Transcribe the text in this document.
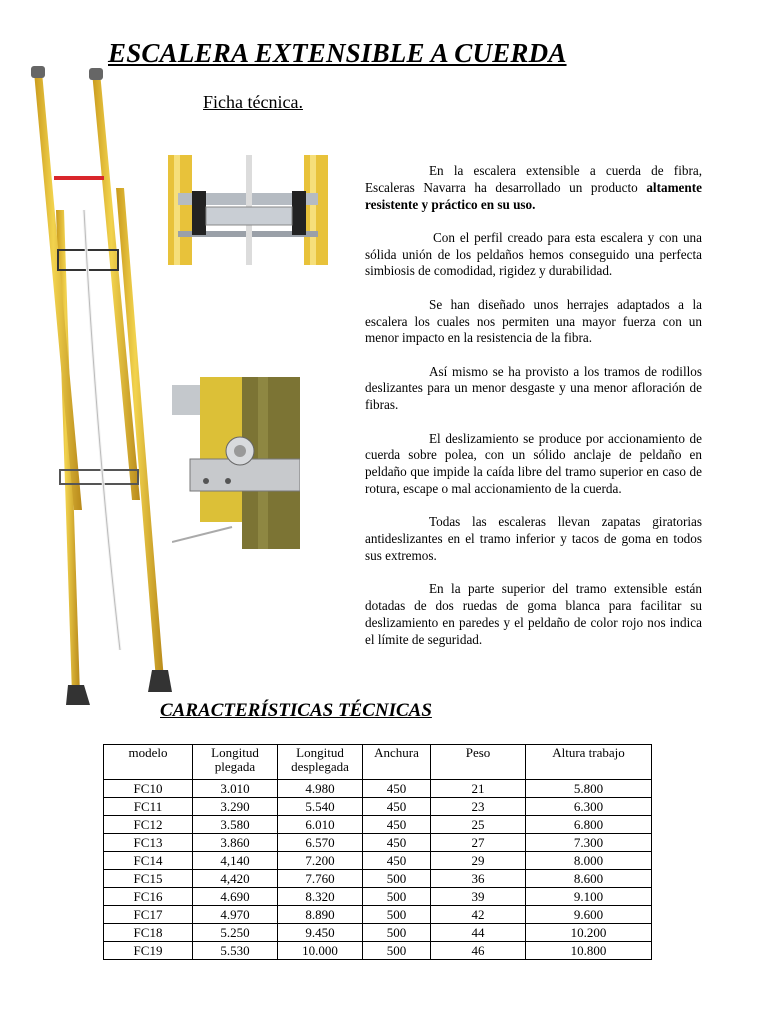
ESCALERA EXTENSIBLE A CUERDA
Ficha técnica.

En la escalera extensible a cuerda de fibra, Escaleras Navarra ha desarrollado un producto altamente resistente y práctico en su uso.

Con el perfil creado para esta escalera y con una sólida unión de los peldaños hemos conseguido una perfecta simbiosis de comodidad, rigidez y durabilidad.

Se han diseñado unos herrajes adaptados a la escalera los cuales nos permiten una mayor fuerza con un menor impacto en la resistencia de la fibra.

Así mismo se ha provisto a los tramos de rodillos deslizantes para un menor desgaste y una menor afloración de fibras.

El deslizamiento se produce por accionamiento de cuerda sobre polea, con un sólido anclaje de peldaño en peldaño que impide la caída libre del tramo superior en caso de rotura, escape o mal accionamiento de la cuerda.

Todas las escaleras llevan zapatas giratorias antideslizantes en el tramo inferior y tacos de goma en todos sus extremos.

En la parte superior del tramo extensible están dotadas de dos ruedas de goma blanca para facilitar su deslizamiento en paredes y el peldaño de color rojo nos indica el límite de seguridad.

CARACTERÍSTICAS TÉCNICAS
modelo	Longitud plegada	Longitud desplegada	Anchura	Peso	Altura trabajo
FC10	3.010	4.980	450	21	5.800
FC11	3.290	5.540	450	23	6.300
FC12	3.580	6.010	450	25	6.800
FC13	3.860	6.570	450	27	7.300
FC14	4,140	7.200	450	29	8.000
FC15	4,420	7.760	500	36	8.600
FC16	4.690	8.320	500	39	9.100
FC17	4.970	8.890	500	42	9.600
FC18	5.250	9.450	500	44	10.200
FC19	5.530	10.000	500	46	10.800
